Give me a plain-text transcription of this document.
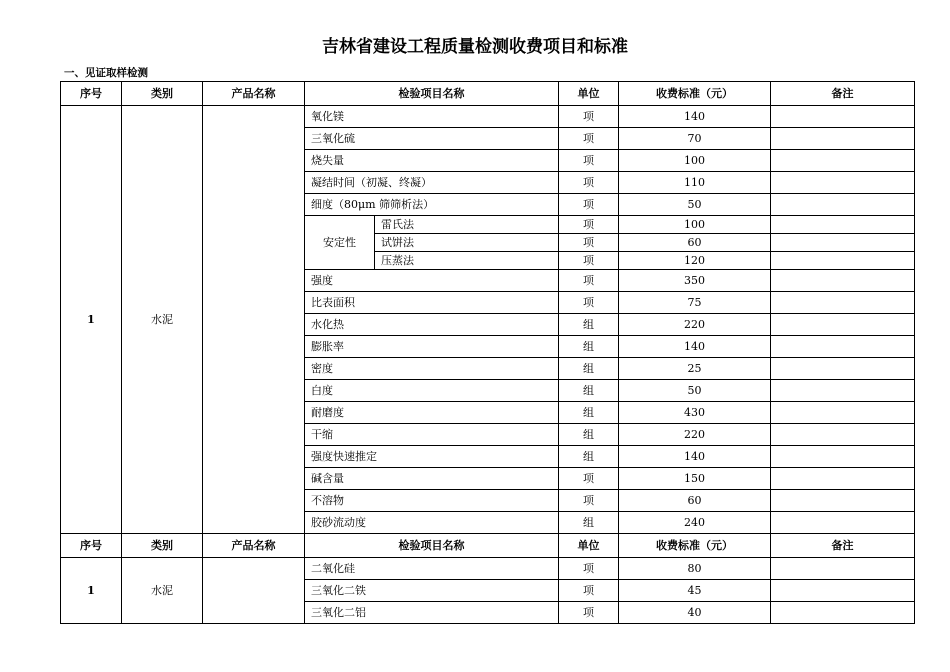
吉林省建设工程质量检测收费项目和标准
一、见证取样检测
序号	类别	产品名称	检验项目名称		单位	收费标准（元）	备注
1	水泥		氧化镁		项	140	
			三氧化硫		项	70	
			烧失量		项	100	
			凝结时间（初凝、终凝）		项	110	
			细度（80μm 筛筛析法）		项	50	
			安定性	雷氏法	项	100	
				试饼法	项	60	
				压蒸法	项	120	
			强度		项	350	
			比表面积		项	75	
			水化热		组	220	
			膨胀率		组	140	
			密度		组	25	
			白度		组	50	
			耐磨度		组	430	
			干缩		组	220	
			强度快速推定		组	140	
			碱含量		项	150	
			不溶物		项	60	
			胶砂流动度		组	240	
序号	类别	产品名称	检验项目名称		单位	收费标准（元）	备注
1	水泥		二氧化硅		项	80	
			三氧化二铁		项	45	
			三氧化二铝		项	40	
